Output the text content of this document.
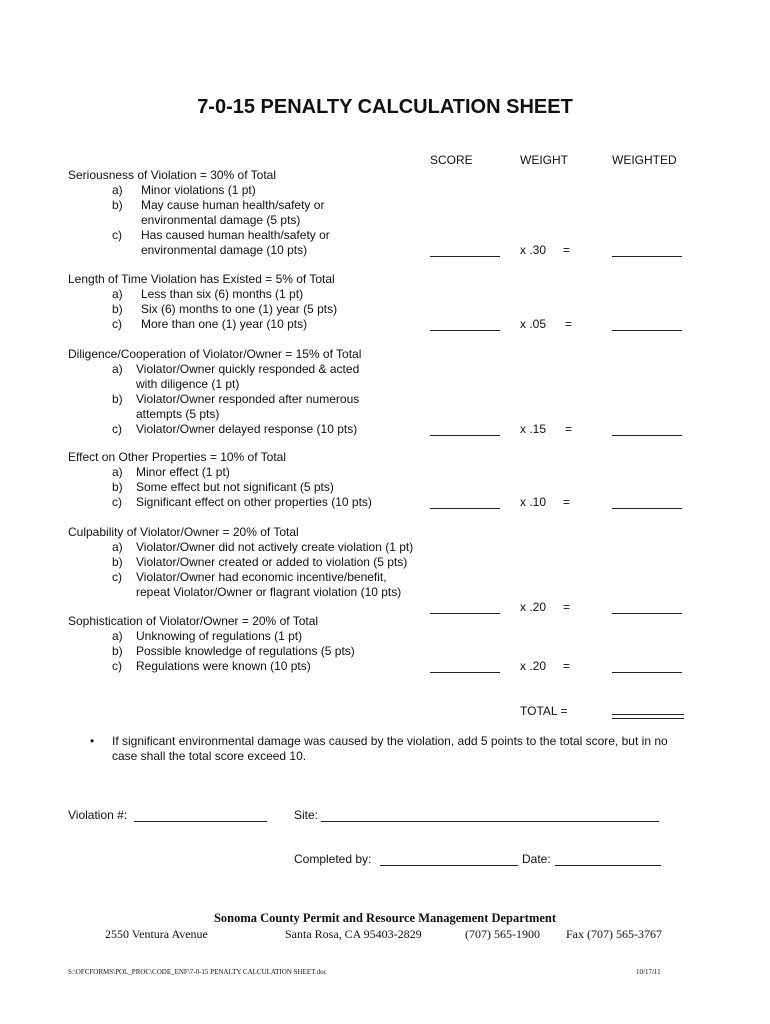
7-0-15 PENALTY CALCULATION SHEET
SCORE	WEIGHT	WEIGHTED
Seriousness of Violation = 30% of Total
a) Minor violations (1 pt)
b) May cause human health/safety or
environmental damage (5 pts)
c) Has caused human health/safety or
environmental damage (10 pts)	x .30 =
Length of Time Violation has Existed = 5% of Total
a) Less than six (6) months (1 pt)
b) Six (6) months to one (1) year (5 pts)
c) More than one (1) year (10 pts)	x .05 =
Diligence/Cooperation of Violator/Owner = 15% of Total
a) Violator/Owner quickly responded & acted
with diligence (1 pt)
b) Violator/Owner responded after numerous
attempts (5 pts)
c) Violator/Owner delayed response (10 pts)	x .15 =
Effect on Other Properties = 10% of Total
a) Minor effect (1 pt)
b) Some effect but not significant (5 pts)
c) Significant effect on other properties (10 pts)	x .10 =
Culpability of Violator/Owner = 20% of Total
a) Violator/Owner did not actively create violation (1 pt)
b) Violator/Owner created or added to violation (5 pts)
c) Violator/Owner had economic incentive/benefit,
repeat Violator/Owner or flagrant violation (10 pts)
x .20 =
Sophistication of Violator/Owner = 20% of Total
a) Unknowing of regulations (1 pt)
b) Possible knowledge of regulations (5 pts)
c) Regulations were known (10 pts)	x .20 =
TOTAL =
• If significant environmental damage was caused by the violation, add 5 points to the total score, but in no
case shall the total score exceed 10.
Violation #:	Site:
Completed by:	Date:
Sonoma County Permit and Resource Management Department
2550 Ventura Avenue	Santa Rosa, CA 95403-2829	(707) 565-1900 Fax (707) 565-3767
S:\OFCFORMS\POL_PROC\CODE_ENF\7-0-15 PENALTY CALCULATION SHEET.doc	10/17/11
